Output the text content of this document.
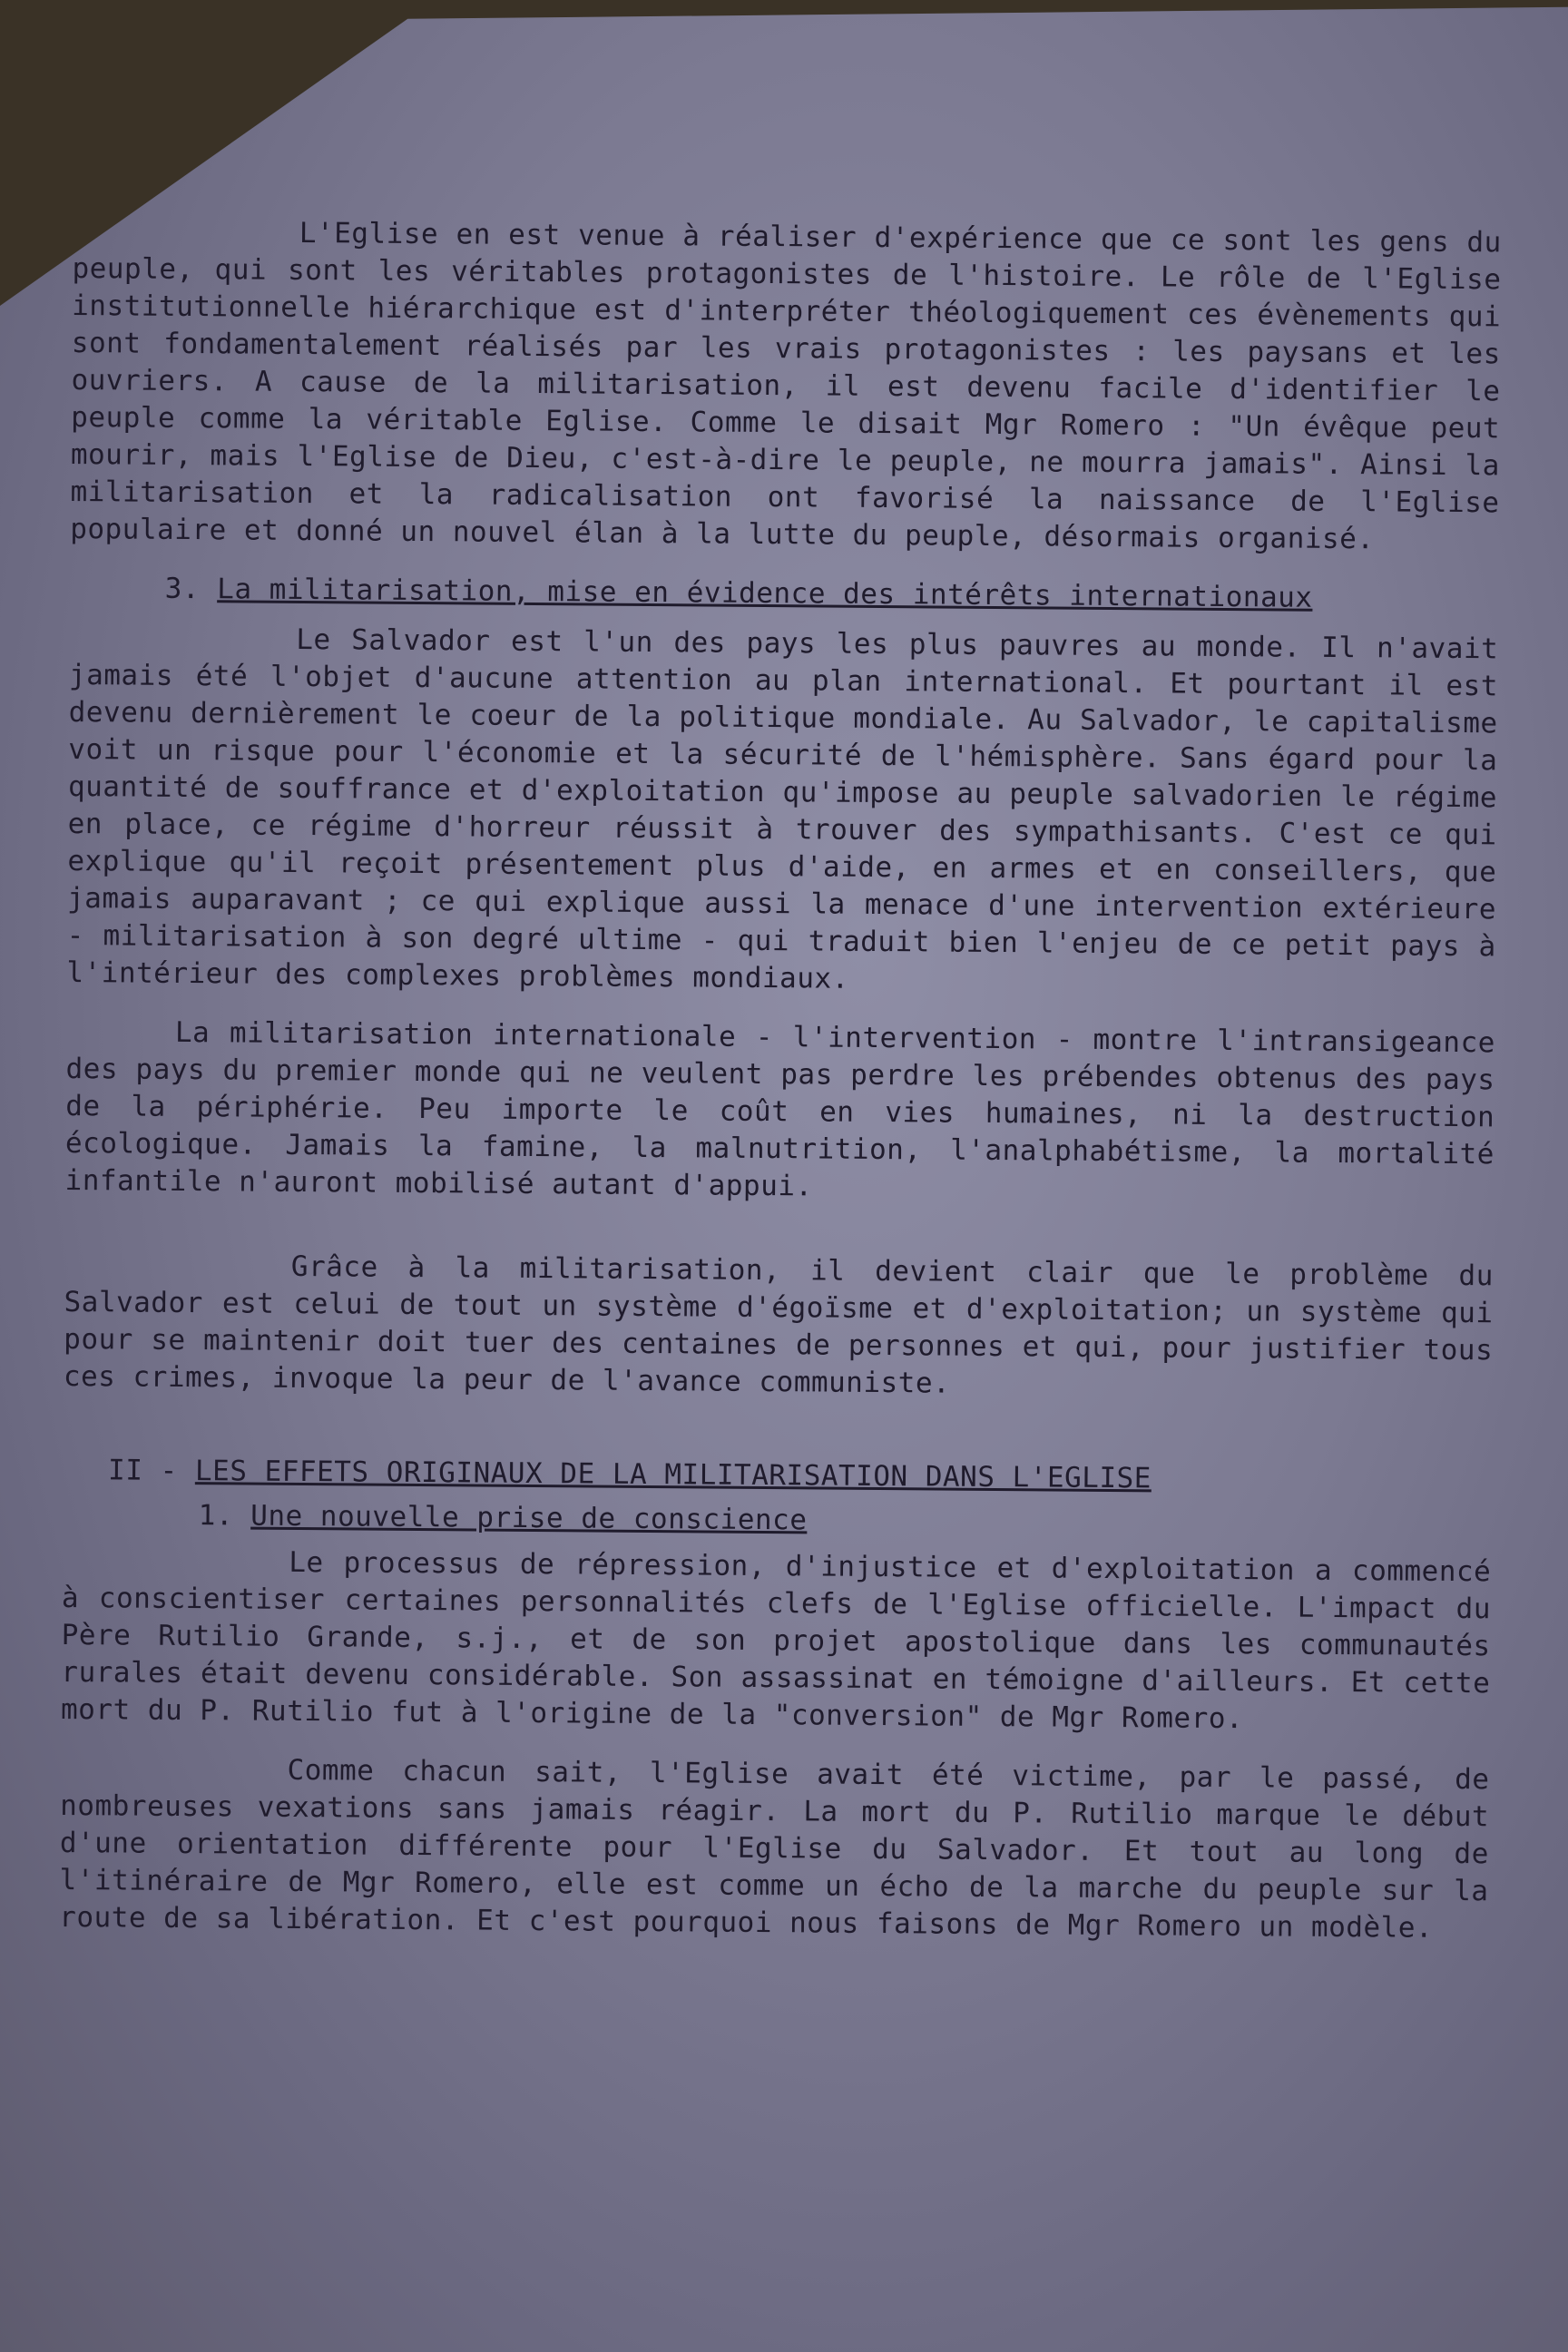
L'Eglise en est venue à réaliser d'expérience que ce sont les gens du peuple, qui sont les véritables protagonistes de l'histoire. Le rôle de l'Eglise institutionnelle hiérarchique est d'interpréter théologiquement ces évènements qui sont fondamentalement réalisés par les vrais protagonistes : les paysans et les ouvriers. A cause de la militarisation, il est devenu facile d'identifier le peuple comme la véritable Eglise. Comme le disait Mgr Romero : "Un évêque peut mourir, mais l'Eglise de Dieu, c'est-à-dire le peuple, ne mourra jamais". Ainsi la militarisation et la radicalisation ont favorisé la naissance de l'Eglise populaire et donné un nouvel élan à la lutte du peuple, désormais organisé.

3. La militarisation, mise en évidence des intérêts internationaux

Le Salvador est l'un des pays les plus pauvres au monde. Il n'avait jamais été l'objet d'aucune attention au plan international. Et pourtant il est devenu dernièrement le coeur de la politique mondiale. Au Salvador, le capitalisme voit un risque pour l'économie et la sécurité de l'hémisphère. Sans égard pour la quantité de souffrance et d'exploitation qu'impose au peuple salvadorien le régime en place, ce régime d'horreur réussit à trouver des sympathisants. C'est ce qui explique qu'il reçoit présentement plus d'aide, en armes et en conseillers, que jamais auparavant ; ce qui explique aussi la menace d'une intervention extérieure - militarisation à son degré ultime - qui traduit bien l'enjeu de ce petit pays à l'intérieur des complexes problèmes mondiaux.

La militarisation internationale - l'intervention - montre l'intransigeance des pays du premier monde qui ne veulent pas perdre les prébendes obtenus des pays de la périphérie. Peu importe le coût en vies humaines, ni la destruction écologique. Jamais la famine, la malnutrition, l'analphabétisme, la mortalité infantile n'auront mobilisé autant d'appui.

Grâce à la militarisation, il devient clair que le problème du Salvador est celui de tout un système d'égoïsme et d'exploitation; un système qui pour se maintenir doit tuer des centaines de personnes et qui, pour justifier tous ces crimes, invoque la peur de l'avance communiste.

II - LES EFFETS ORIGINAUX DE LA MILITARISATION DANS L'EGLISE
1. Une nouvelle prise de conscience

Le processus de répression, d'injustice et d'exploitation a commencé à conscientiser certaines personnalités clefs de l'Eglise officielle. L'impact du Père Rutilio Grande, s.j., et de son projet apostolique dans les communautés rurales était devenu considérable. Son assassinat en témoigne d'ailleurs. Et cette mort du P. Rutilio fut à l'origine de la "conversion" de Mgr Romero.

Comme chacun sait, l'Eglise avait été victime, par le passé, de nombreuses vexations sans jamais réagir. La mort du P. Rutilio marque le début d'une orientation différente pour l'Eglise du Salvador. Et tout au long de l'itinéraire de Mgr Romero, elle est comme un écho de la marche du peuple sur la route de sa libération. Et c'est pourquoi nous faisons de Mgr Romero un modèle.
